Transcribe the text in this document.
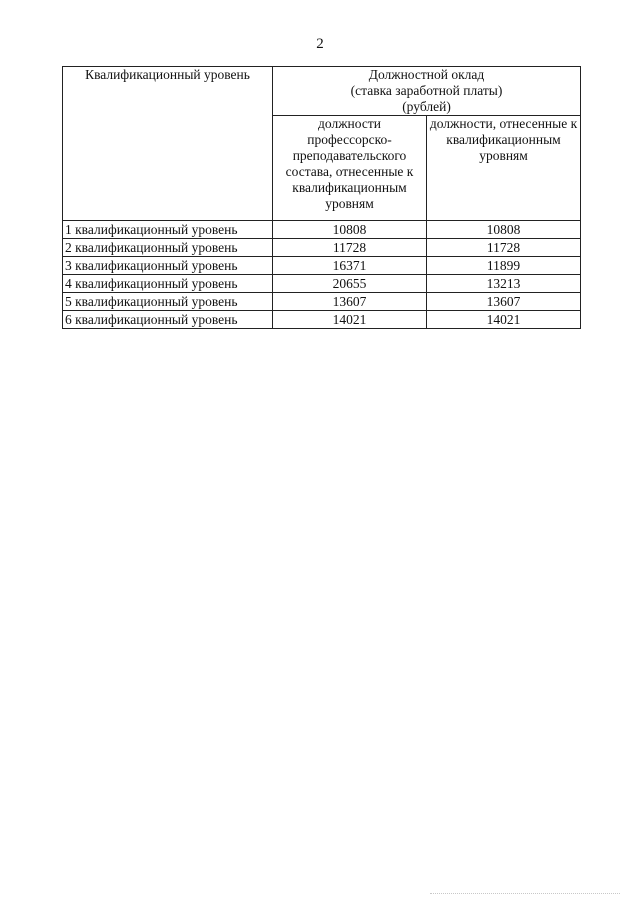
2
Квалификационный уровень	Должностной оклад
(ставка заработной платы)
(рублей)	

	должности профессорско-преподавательского состава, отнесенные к квалификационным уровням	должности, отнесенные к квалификационным уровням
1 квалификационный уровень	10808	10808
2 квалификационный уровень	11728	11728
3 квалификационный уровень	16371	11899
4 квалификационный уровень	20655	13213
5 квалификационный уровень	13607	13607
6 квалификационный уровень	14021	14021
